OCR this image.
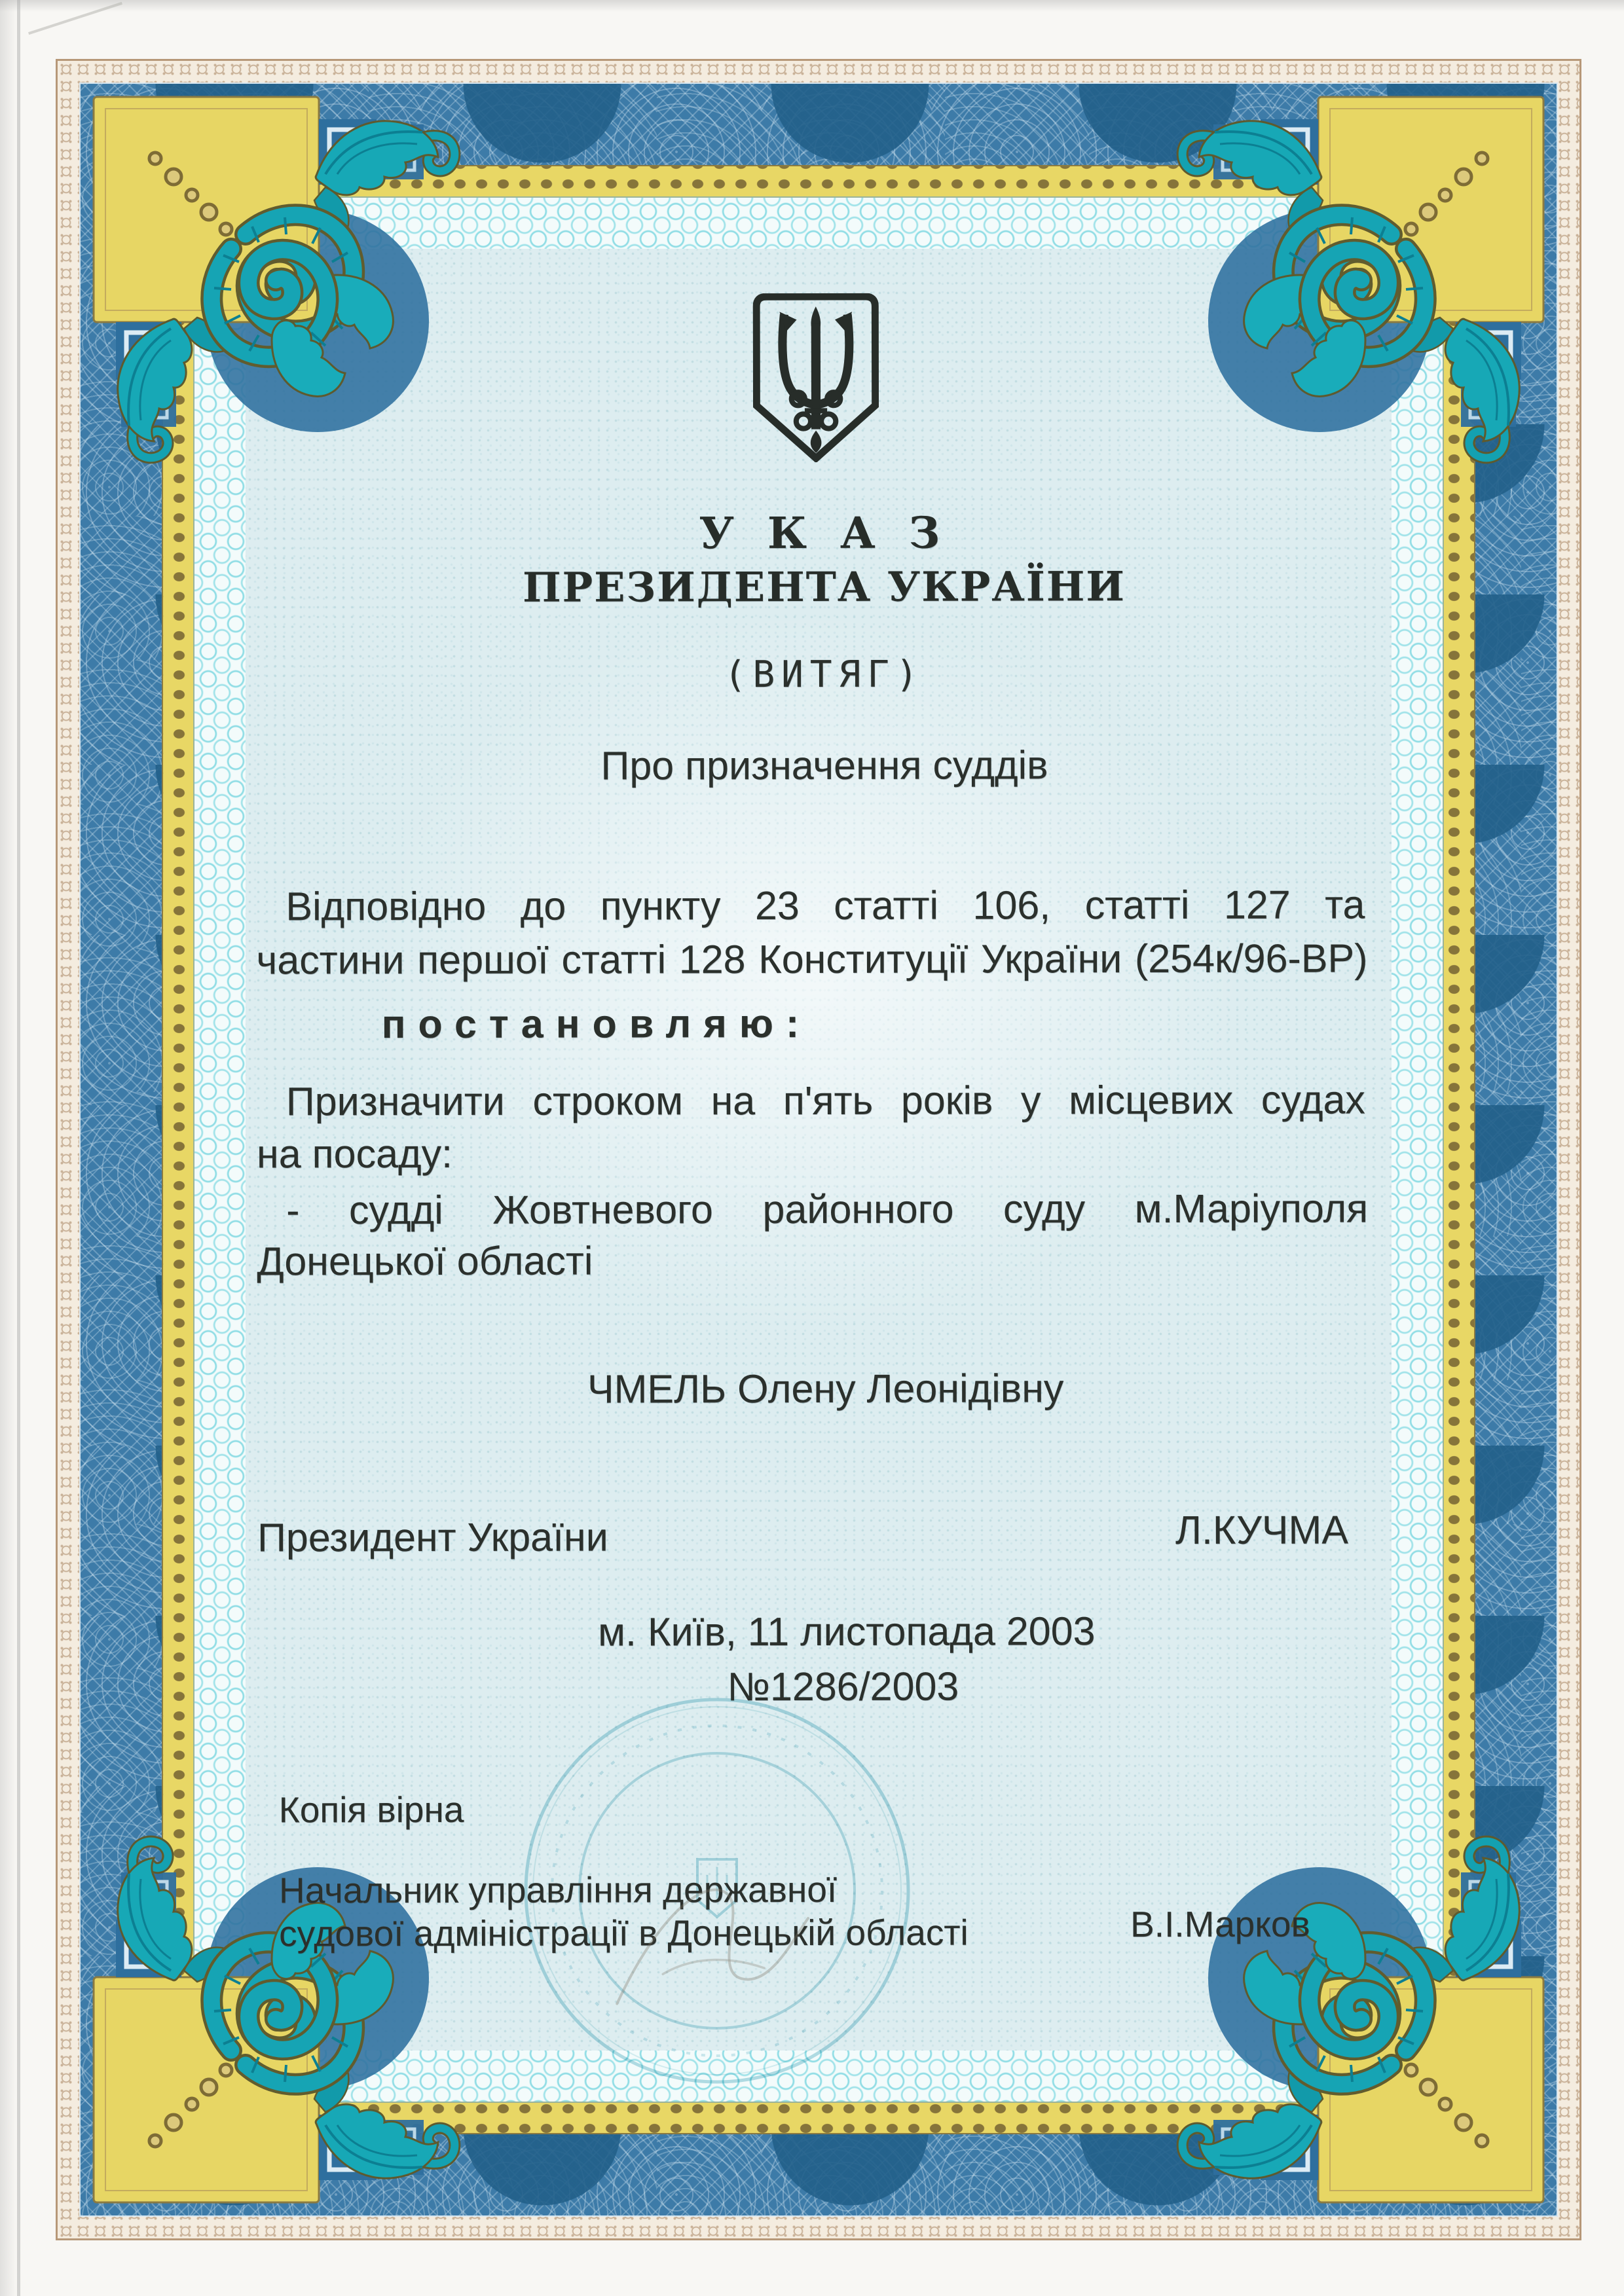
У К А З
ПРЕЗИДЕНТА УКРАЇНИ
(ВИТЯГ)
Про призначення суддів
Відповідно до пункту 23 статті 106, статті 127 та
частини першої статті 128 Конституції України (254к/96-ВР)
постановляю:
Призначити строком на п'ять років у місцевих судах
на посаду:
- судді Жовтневого районного суду м.Маріуполя
Донецької області
ЧМЕЛЬ Олену Леонідівну
Президент України	Л.КУЧМА
м. Київ, 11 листопада 2003
№1286/2003
Копія вірна
Начальник управління державної
судової адміністрації в Донецькій області	В.І.Марков
